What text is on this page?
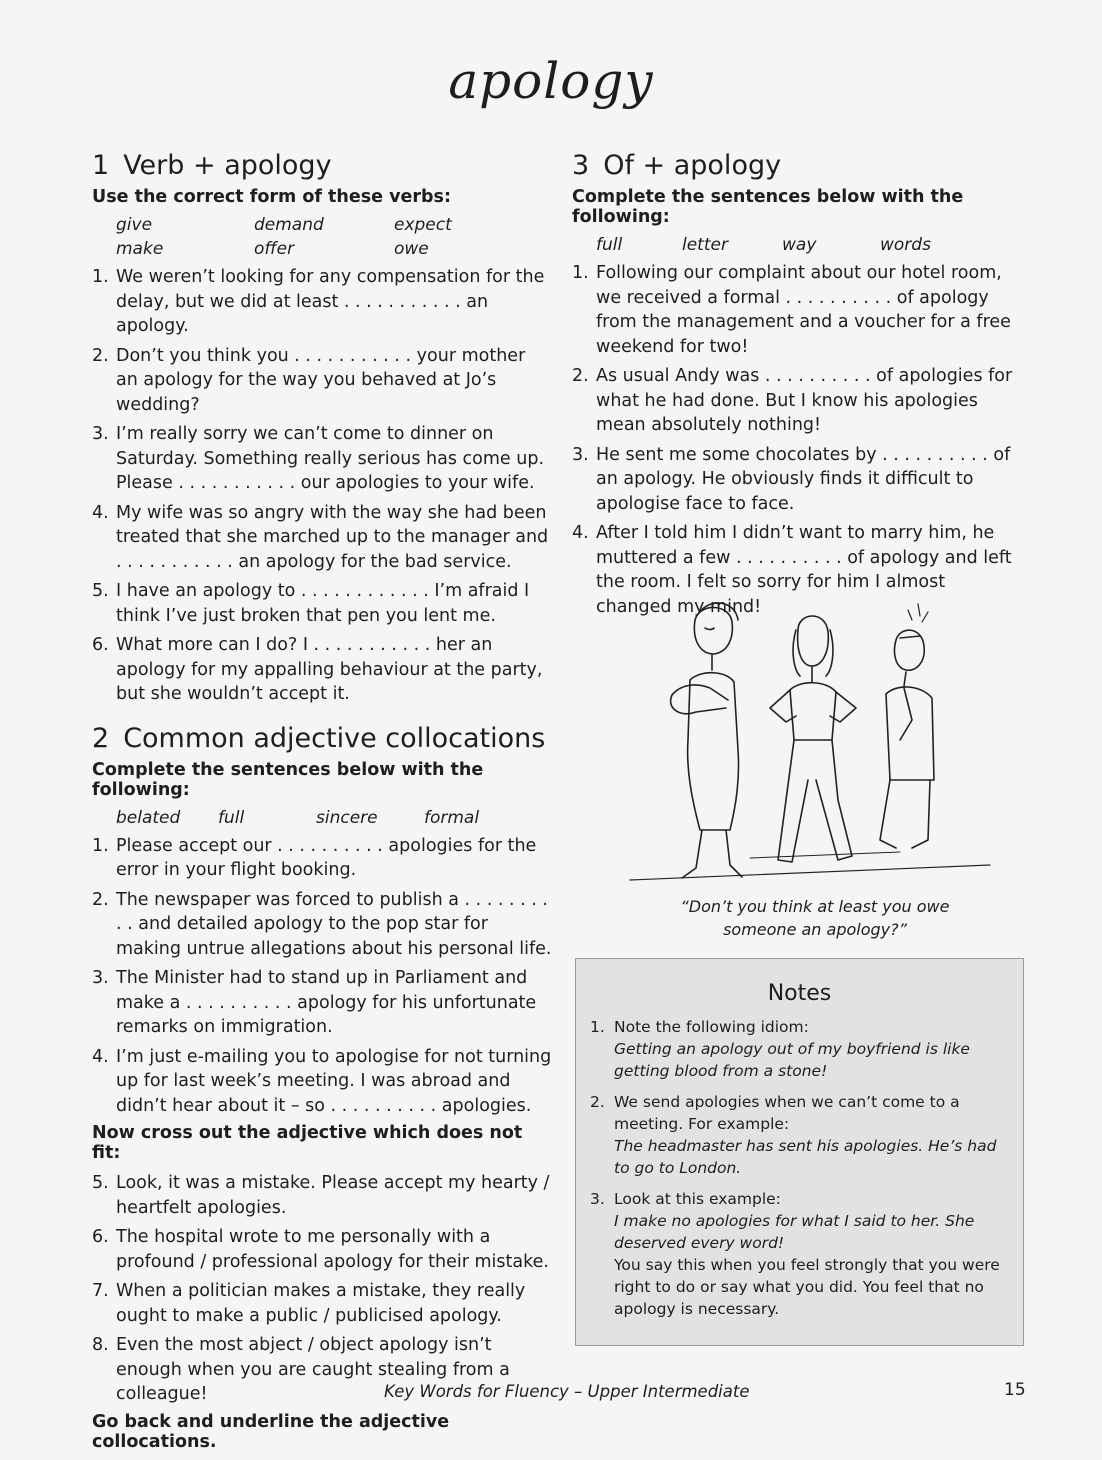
apology
1 Verb + apology
Use the correct form of these verbs:
give	demand	expect
make	offer	owe
1. We weren’t looking for any compensation for the delay, but we did at least . . . . . . . . . . . an apology.
2. Don’t you think you . . . . . . . . . . . your mother an apology for the way you behaved at Jo’s wedding?
3. I’m really sorry we can’t come to dinner on Saturday. Something really serious has come up. Please . . . . . . . . . . . our apologies to your wife.
4. My wife was so angry with the way she had been treated that she marched up to the manager and . . . . . . . . . . . an apology for the bad service.
5. I have an apology to . . . . . . . . . . . . I’m afraid I think I’ve just broken that pen you lent me.
6. What more can I do? I . . . . . . . . . . . her an apology for my appalling behaviour at the party, but she wouldn’t accept it.
2 Common adjective collocations
Complete the sentences below with the following:
belated	full	sincere	formal
1. Please accept our . . . . . . . . . . apologies for the error in your flight booking.
2. The newspaper was forced to publish a . . . . . . . . . . and detailed apology to the pop star for making untrue allegations about his personal life.
3. The Minister had to stand up in Parliament and make a . . . . . . . . . . apology for his unfortunate remarks on immigration.
4. I’m just e-mailing you to apologise for not turning up for last week’s meeting. I was abroad and didn’t hear about it – so . . . . . . . . . . apologies.
Now cross out the adjective which does not fit:
5. Look, it was a mistake. Please accept my hearty / heartfelt apologies.
6. The hospital wrote to me personally with a profound / professional apology for their mistake.
7. When a politician makes a mistake, they really ought to make a public / publicised apology.
8. Even the most abject / object apology isn’t enough when you are caught stealing from a colleague!
Go back and underline the adjective collocations.
3 Of + apology
Complete the sentences below with the following:
full	letter	way	words
1. Following our complaint about our hotel room, we received a formal . . . . . . . . . . of apology from the management and a voucher for a free weekend for two!
2. As usual Andy was . . . . . . . . . . of apologies for what he had done. But I know his apologies mean absolutely nothing!
3. He sent me some chocolates by . . . . . . . . . . of an apology. He obviously finds it difficult to apologise face to face.
4. After I told him I didn’t want to marry him, he muttered a few . . . . . . . . . . of apology and left the room. I felt so sorry for him I almost changed my mind!
“Don’t you think at least you owe someone an apology?”
Notes
1. Note the following idiom:
Getting an apology out of my boyfriend is like getting blood from a stone!
2. We send apologies when we can’t come to a meeting. For example:
The headmaster has sent his apologies. He’s had to go to London.
3. Look at this example:
I make no apologies for what I said to her. She deserved every word!
You say this when you feel strongly that you were right to do or say what you did. You feel that no apology is necessary.
Key Words for Fluency – Upper Intermediate	15
